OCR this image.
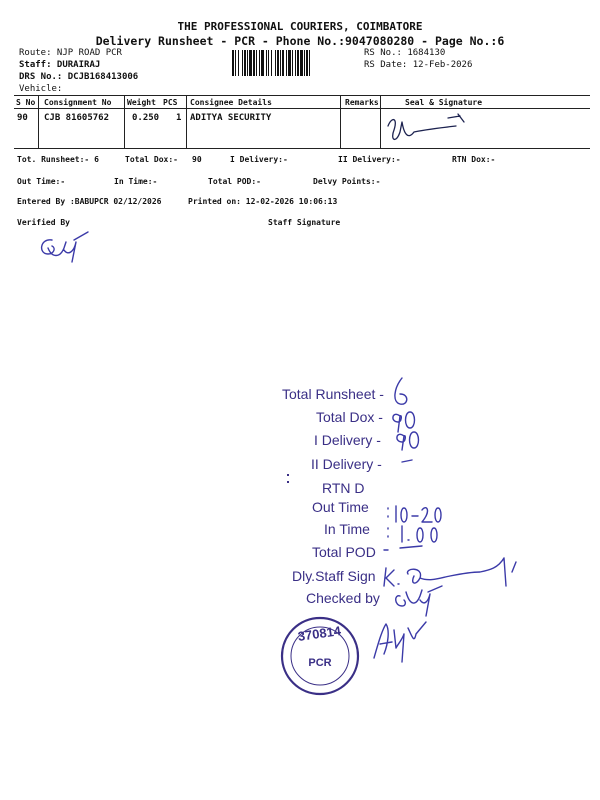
THE PROFESSIONAL COURIERS, COIMBATORE
Delivery Runsheet - PCR - Phone No.:9047080280 - Page No.:6
Route: NJP ROAD PCR
Staff: DURAIRAJ
DRS No.: DCJB168413006
Vehicle:
RS No.: 1684130
RS Date: 12-Feb-2026
S No Consignment No Weight PCS Consignee Details	Remarks	Seal & Signature
90 CJB 81605762	0.250 1 ADITYA SECURITY
Tot. Runsheet:- 6	Total Dox:- 90	I Delivery:-	II Delivery:-	RTN Dox:-
Out Time:-	In Time:-	Total POD:-	Delvy Points:-
Entered By :BABUPCR 02/12/2026	Printed on: 12-02-2026 10:06:13
Verified By	Staff Signature
Total Runsheet -
Total Dox -
I Delivery -
II Delivery -
RTN D
Out Time
In Time
Total POD
Dly.Staff Sign
Checked by
370814
PCR
